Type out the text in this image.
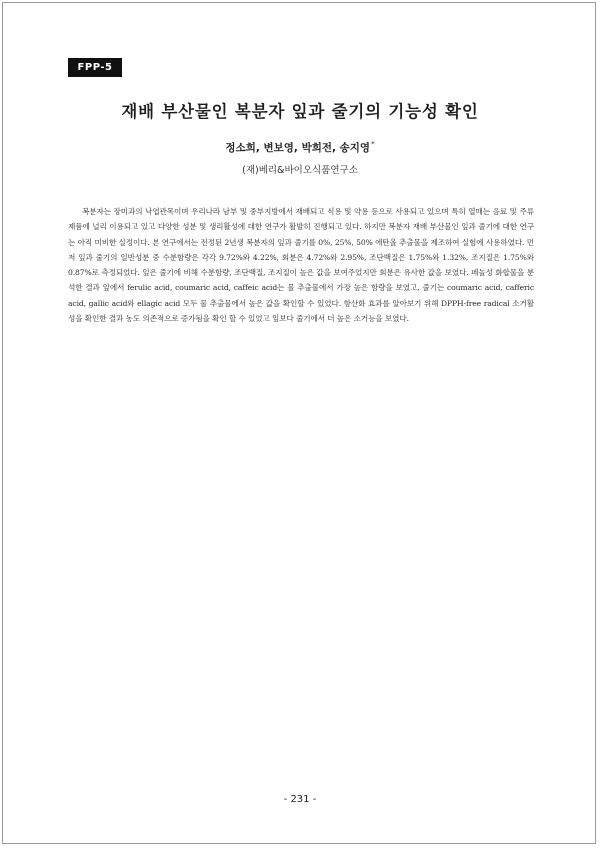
FPP-5
재배 부산물인 복분자 잎과 줄기의 기능성 확인
정소희, 변보영, 박희전, 송지영*
(재)베리&바이오식품연구소

복분자는 장미과의 낙엽관목이며 우리나라 남부 및 중부지방에서 재배되고 식용 및 약용 등으로 사용되고 있으며 특히 열매는 음료 및 주류제품에 널리 이용되고 있고 다양한 성분 및 생리활성에 대한 연구가 활발히 진행되고 있다. 하지만 복분자 재배 부산물인 잎과 줄기에 대한 연구는 아직 미비한 실정이다. 본 연구에서는 전정된 2년생 복분자의 잎과 줄기를 0%, 25%, 50% 에탄올 추출물을 제조하여 실험에 사용하였다. 먼저 잎과 줄기의 일반성분 중 수분함량은 각각 9.72%와 4.22%, 회분은 4.72%와 2.95%, 조단백질은 1.75%와 1.32%, 조지질은 1.75%와 0.87%로 측정되었다. 잎은 줄기에 비해 수분함량, 조단백질, 조지질이 높은 값을 보여주었지만 회분은 유사한 값을 보였다. 페놀성 화합물을 분석한 결과 잎에서 ferulic acid, coumaric acid, caffeic acid는 물 추출물에서 가장 높은 함량을 보였고, 줄기는 coumaric acid, cafferic acid, gallic acid와 ellagic acid 모두 물 추출물에서 높은 값을 확인할 수 있었다. 항산화 효과를 알아보기 위해 DPPH-free radical 소거활성을 확인한 결과 농도 의존적으로 증가됨을 확인 할 수 있었고 잎보다 줄기에서 더 높은 소거능을 보였다.

- 231 -
